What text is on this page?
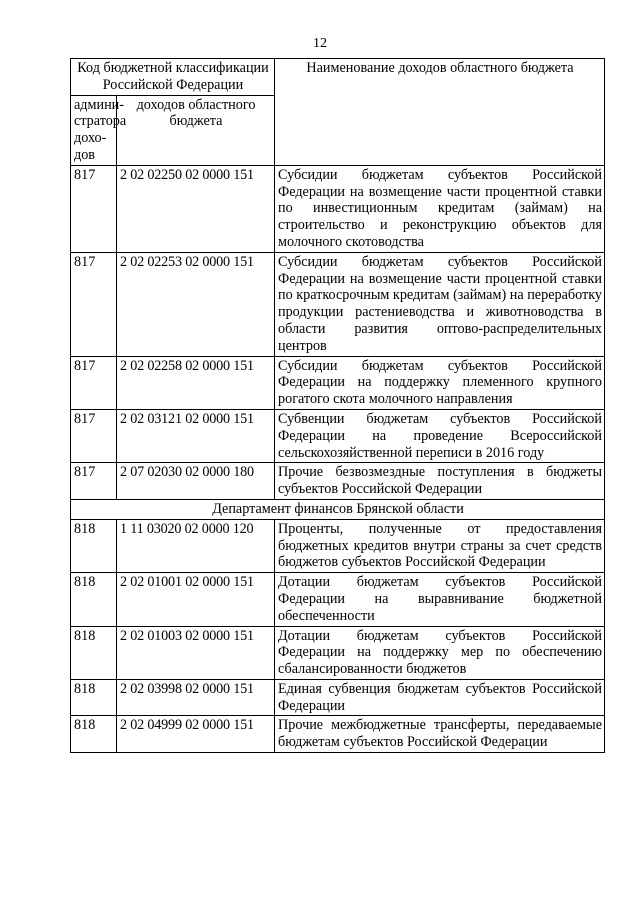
12
Код бюджетной классификации Российской Федерации		Наименование доходов областного бюджета
админи-стратора дохо-дов	доходов областного бюджета	
817	2 02 02250 02 0000 151	Субсидии бюджетам субъектов Российской Федерации на возмещение части процентной ставки по инвестиционным кредитам (займам) на строительство и реконструкцию объектов для молочного скотоводства
817	2 02 02253 02 0000 151	Субсидии бюджетам субъектов Российской Федерации на возмещение части процентной ставки по краткосрочным кредитам (займам) на переработку продукции растениеводства и животноводства в области развития оптово-распределительных центров
817	2 02 02258 02 0000 151	Субсидии бюджетам субъектов Российской Федерации на поддержку племенного крупного рогатого скота молочного направления
817	2 02 03121 02 0000 151	Субвенции бюджетам субъектов Российской Федерации на проведение Всероссийской сельскохозяйственной переписи в 2016 году
817	2 07 02030 02 0000 180	Прочие безвозмездные поступления в бюджеты субъектов Российской Федерации
Департамент финансов Брянской области		
818	1 11 03020 02 0000 120	Проценты, полученные от предоставления бюджетных кредитов внутри страны за счет средств бюджетов субъектов Российской Федерации
818	2 02 01001 02 0000 151	Дотации бюджетам субъектов Российской Федерации на выравнивание бюджетной обеспеченности
818	2 02 01003 02 0000 151	Дотации бюджетам субъектов Российской Федерации на поддержку мер по обеспечению сбалансированности бюджетов
818	2 02 03998 02 0000 151	Единая субвенция бюджетам субъектов Российской Федерации
818	2 02 04999 02 0000 151	Прочие межбюджетные трансферты, передаваемые бюджетам субъектов Российской Федерации
